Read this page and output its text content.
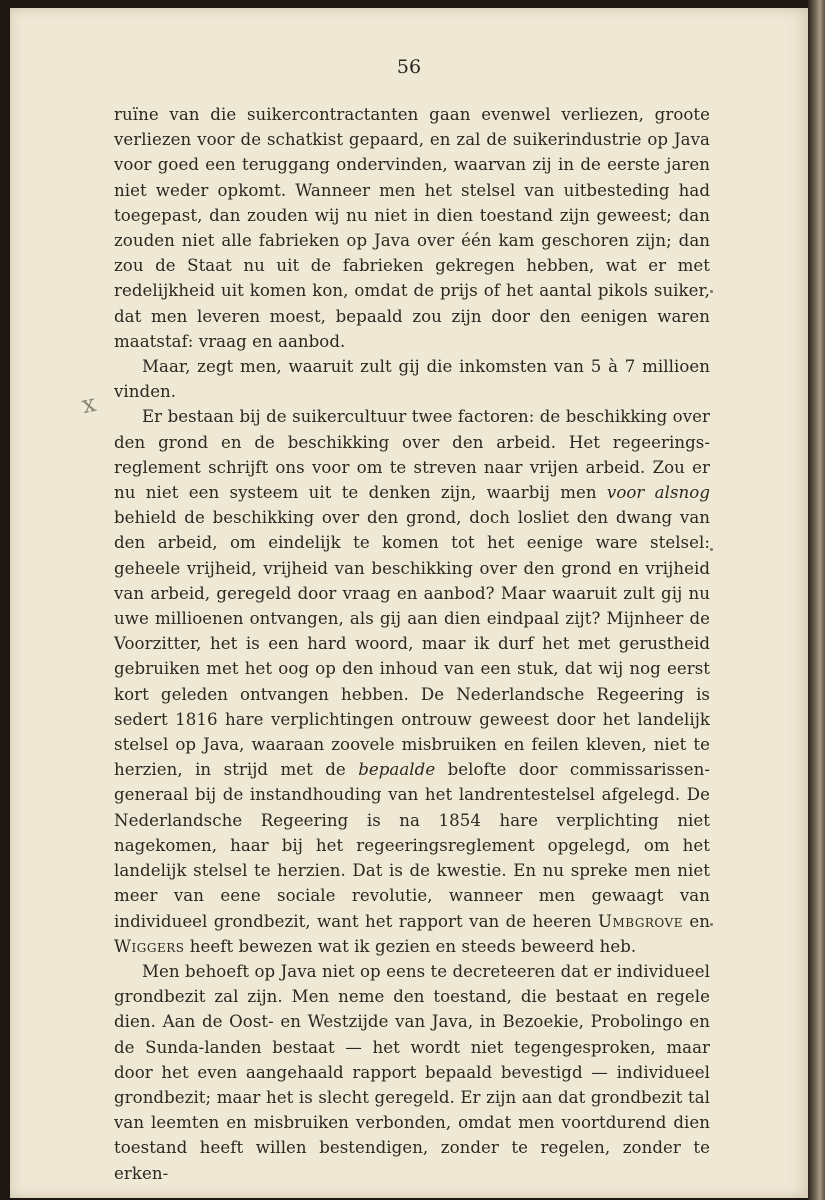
56
x

ruïne van die suikercontractanten gaan evenwel verliezen, groote verliezen voor de schatkist gepaard, en zal de suikerindustrie op Java voor goed een teruggang ondervinden, waarvan zij in de eerste jaren niet weder opkomt. Wanneer men het stelsel van uitbesteding had toegepast, dan zouden wij nu niet in dien toestand zijn geweest; dan zouden niet alle fabrieken op Java over één kam geschoren zijn; dan zou de Staat nu uit de fabrieken gekregen hebben, wat er met redelijkheid uit komen kon, omdat de prijs of het aantal pikols suiker, dat men leveren moest, bepaald zou zijn door den eenigen waren maatstaf: vraag en aanbod.

Maar, zegt men, waaruit zult gij die inkomsten van 5 à 7 millioen vinden.

Er bestaan bij de suikercultuur twee factoren: de beschikking over den grond en de beschikking over den arbeid. Het regeerings-reglement schrijft ons voor om te streven naar vrijen arbeid. Zou er nu niet een systeem uit te denken zijn, waarbij men voor alsnog behield de beschikking over den grond, doch losliet den dwang van den arbeid, om eindelijk te komen tot het eenige ware stelsel: geheele vrijheid, vrijheid van beschikking over den grond en vrijheid van arbeid, geregeld door vraag en aanbod? Maar waaruit zult gij nu uwe millioenen ontvangen, als gij aan dien eindpaal zijt? Mijnheer de Voorzitter, het is een hard woord, maar ik durf het met gerustheid gebruiken met het oog op den inhoud van een stuk, dat wij nog eerst kort geleden ontvangen hebben. De Nederlandsche Regeering is sedert 1816 hare verplichtingen ontrouw geweest door het landelijk stelsel op Java, waaraan zoovele misbruiken en feilen kleven, niet te herzien, in strijd met de bepaalde belofte door commissarissen-generaal bij de instandhouding van het landrentestelsel afgelegd. De Nederlandsche Regeering is na 1854 hare verplichting niet nagekomen, haar bij het regeeringsreglement opgelegd, om het landelijk stelsel te herzien. Dat is de kwestie. En nu spreke men niet meer van eene sociale revolutie, wanneer men gewaagt van individueel grondbezit, want het rapport van de heeren Umbgrove en Wiggers heeft bewezen wat ik gezien en steeds beweerd heb.

Men behoeft op Java niet op eens te decreteeren dat er individueel grondbezit zal zijn. Men neme den toestand, die bestaat en regele dien. Aan de Oost- en Westzijde van Java, in Bezoekie, Probolingo en de Sunda-landen bestaat — het wordt niet tegengesproken, maar door het even aangehaald rapport bepaald bevestigd — individueel grondbezit; maar het is slecht geregeld. Er zijn aan dat grondbezit tal van leemten en misbruiken verbonden, omdat men voortdurend dien toestand heeft willen bestendigen, zonder te regelen, zonder te erken-
